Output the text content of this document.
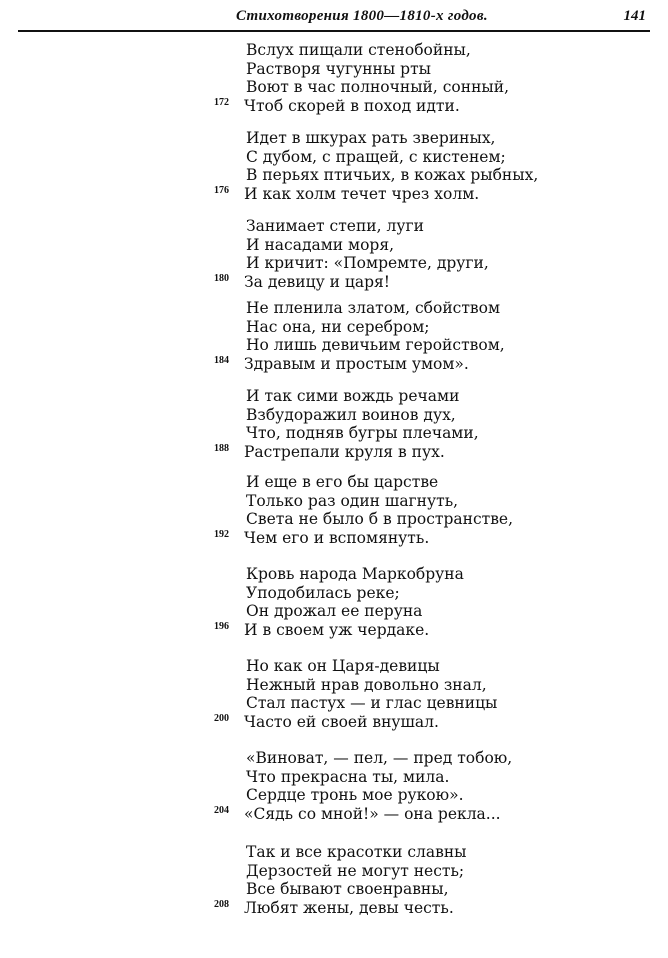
Стихотворения 1800—1810-х годов.	141
Вслух пищали стенобойны,
Растворя чугунны рты
Воют в час полночный, сонный,
Чтоб скорей в поход идти.
172
Идет в шкурах рать звериных,
С дубом, с пращей, с кистенем;
В перьях птичьих, в кожах рыбных,
И как холм течет чрез холм.
176
Занимает степи, луги
И насадами моря,
И кричит: «Помремте, други,
За девицу и царя!
180
Не пленила златом, сбойством
Нас она, ни серебром;
Но лишь девичьим геройством,
Здравым и простым умом».
184
И так сими вождь речами
Взбудоражил воинов дух,
Что, подняв бугры плечами,
Растрепали круля в пух.
188
И еще в его бы царстве
Только раз один шагнуть,
Света не было б в пространстве,
Чем его и вспомянуть.
192
Кровь народа Маркобруна
Уподобилась реке;
Он дрожал ее перуна
И в своем уж чердаке.
196
Но как он Царя-девицы
Нежный нрав довольно знал,
Стал пастух — и глас цевницы
Часто ей своей внушал.
200
«Виноват, — пел, — пред тобою,
Что прекрасна ты, мила.
Сердце тронь мое рукою».
«Сядь со мной!» — она рекла...
204
Так и все красотки славны
Дерзостей не могут несть;
Все бывают своенравны,
Любят жены, девы честь.
208
